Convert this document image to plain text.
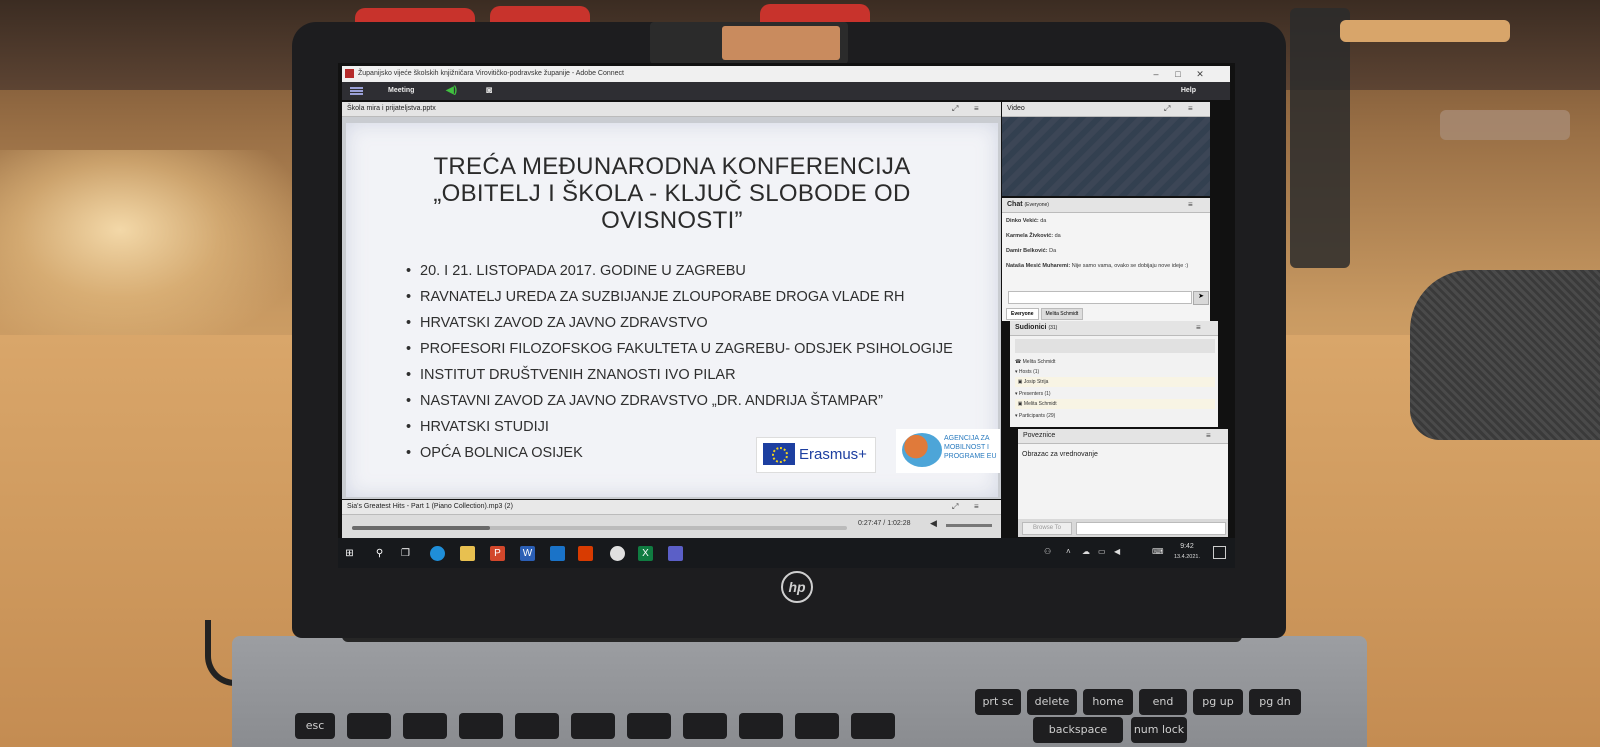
esc
prt sc	delete	home	end	pg up	pg dn
backspace	num lock
hp
Županijsko vijeće školskih knjižničara Virovitičko-podravske županije - Adobe Connect	–	□	✕
Meeting	◀)	◙	Help
Škola mira i prijateljstva.pptx	⤢ ≡
TREĆA MEĐUNARODNA KONFERENCIJA
„OBITELJ I ŠKOLA - KLJUČ SLOBODE OD
OVISNOSTI”
• 20. I 21. LISTOPADA 2017. GODINE U ZAGREBU
• RAVNATELJ UREDA ZA SUZBIJANJE ZLOUPORABE DROGA VLADE RH
• HRVATSKI ZAVOD ZA JAVNO ZDRAVSTVO
• PROFESORI FILOZOFSKOG FAKULTETA U ZAGREBU- ODSJEK PSIHOLOGIJE
• INSTITUT DRUŠTVENIH ZNANOSTI IVO PILAR
• NASTAVNI ZAVOD ZA JAVNO ZDRAVSTVO „DR. ANDRIJA ŠTAMPAR”
• HRVATSKI STUDIJI
• OPĆA BOLNICA OSIJEK	Erasmus+
AGENCIJA ZA
MOBILNOST I
PROGRAME EU
Sia's Greatest Hits - Part 1 (Piano Collection).mp3 (2)	⤢ ≡
0:27:47 / 1:02:28 ◀
Video	⤢ ≡
Chat (Everyone)	≡
Dinko Vekić: da
Karmela Živković: da
Damir Belković: Da
Nataša Mesić Muharemi: Nije samo vama, ovako se dobijaju nove ideje :)
➤
Everyone Melita Schmidt
Sudionici (31)	≡
☎ Melita Schmidt
▾ Hosts (1)
▣ Josip Strija
▾ Presenters (1)
▣ Melita Schmidt
▾ Participants (29)
Poveznice	≡
Obrazac za vrednovanje
Browse To
⊞	⚲	❐	P	W	X	⚇ ˄ ☁ ▭ ◀	⌨
9:42
13.4.2021.
